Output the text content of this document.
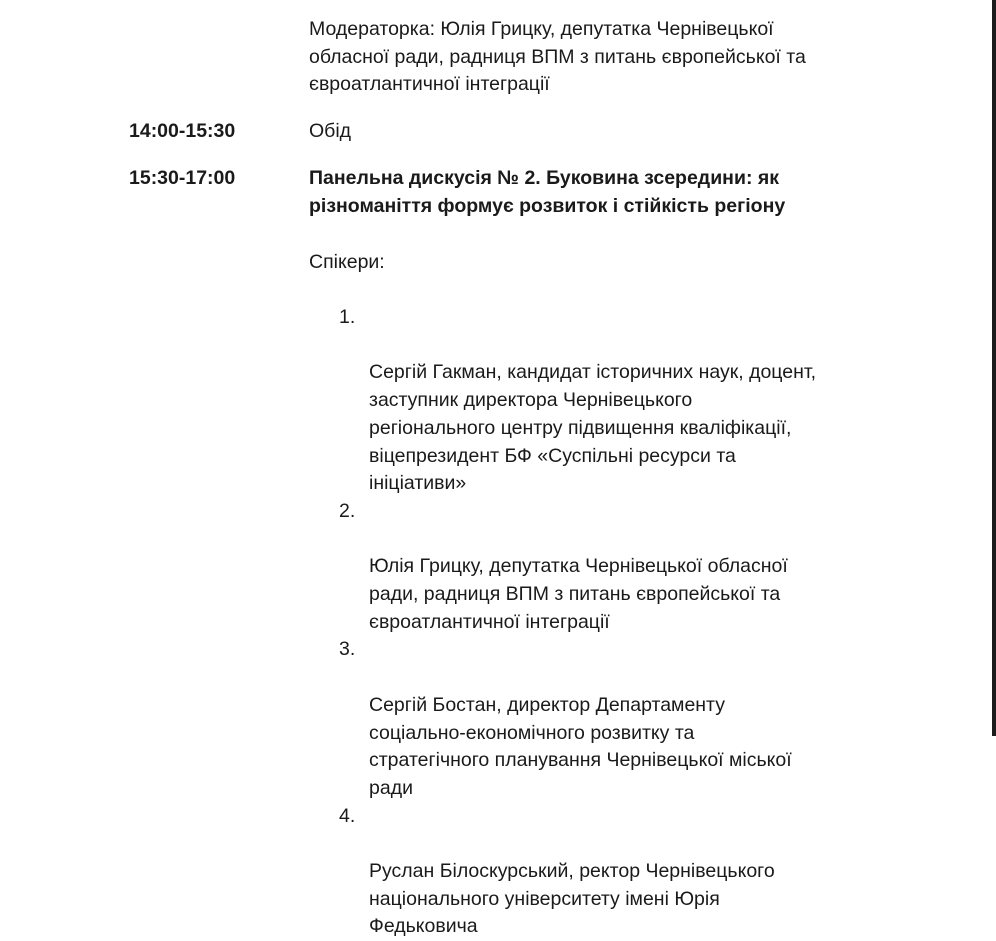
Модераторка: Юлія Грицку, депутатка Чернівецької
обласної ради, радниця ВПМ з питань європейської та
євроатлантичної інтеграції
14:00-15:30	Обід
15:30-17:00	Панельна дискусія № 2. Буковина зсередини: як
різноманіття формує розвиток і стійкість регіону
Спікери:

1.

Сергій Гакман, кандидат історичних наук, доцент,
заступник директора Чернівецького
регіонального центру підвищення кваліфікації,
віцепрезидент БФ «Суспільні ресурси та
ініціативи»

2.

Юлія Грицку, депутатка Чернівецької обласної
ради, радниця ВПМ з питань європейської та
євроатлантичної інтеграції

3.

Сергій Бостан, директор Департаменту
соціально-економічного розвитку та
стратегічного планування Чернівецької міської
ради

4.

Руслан Білоскурський, ректор Чернівецького
національного університету імені Юрія
Федьковича
